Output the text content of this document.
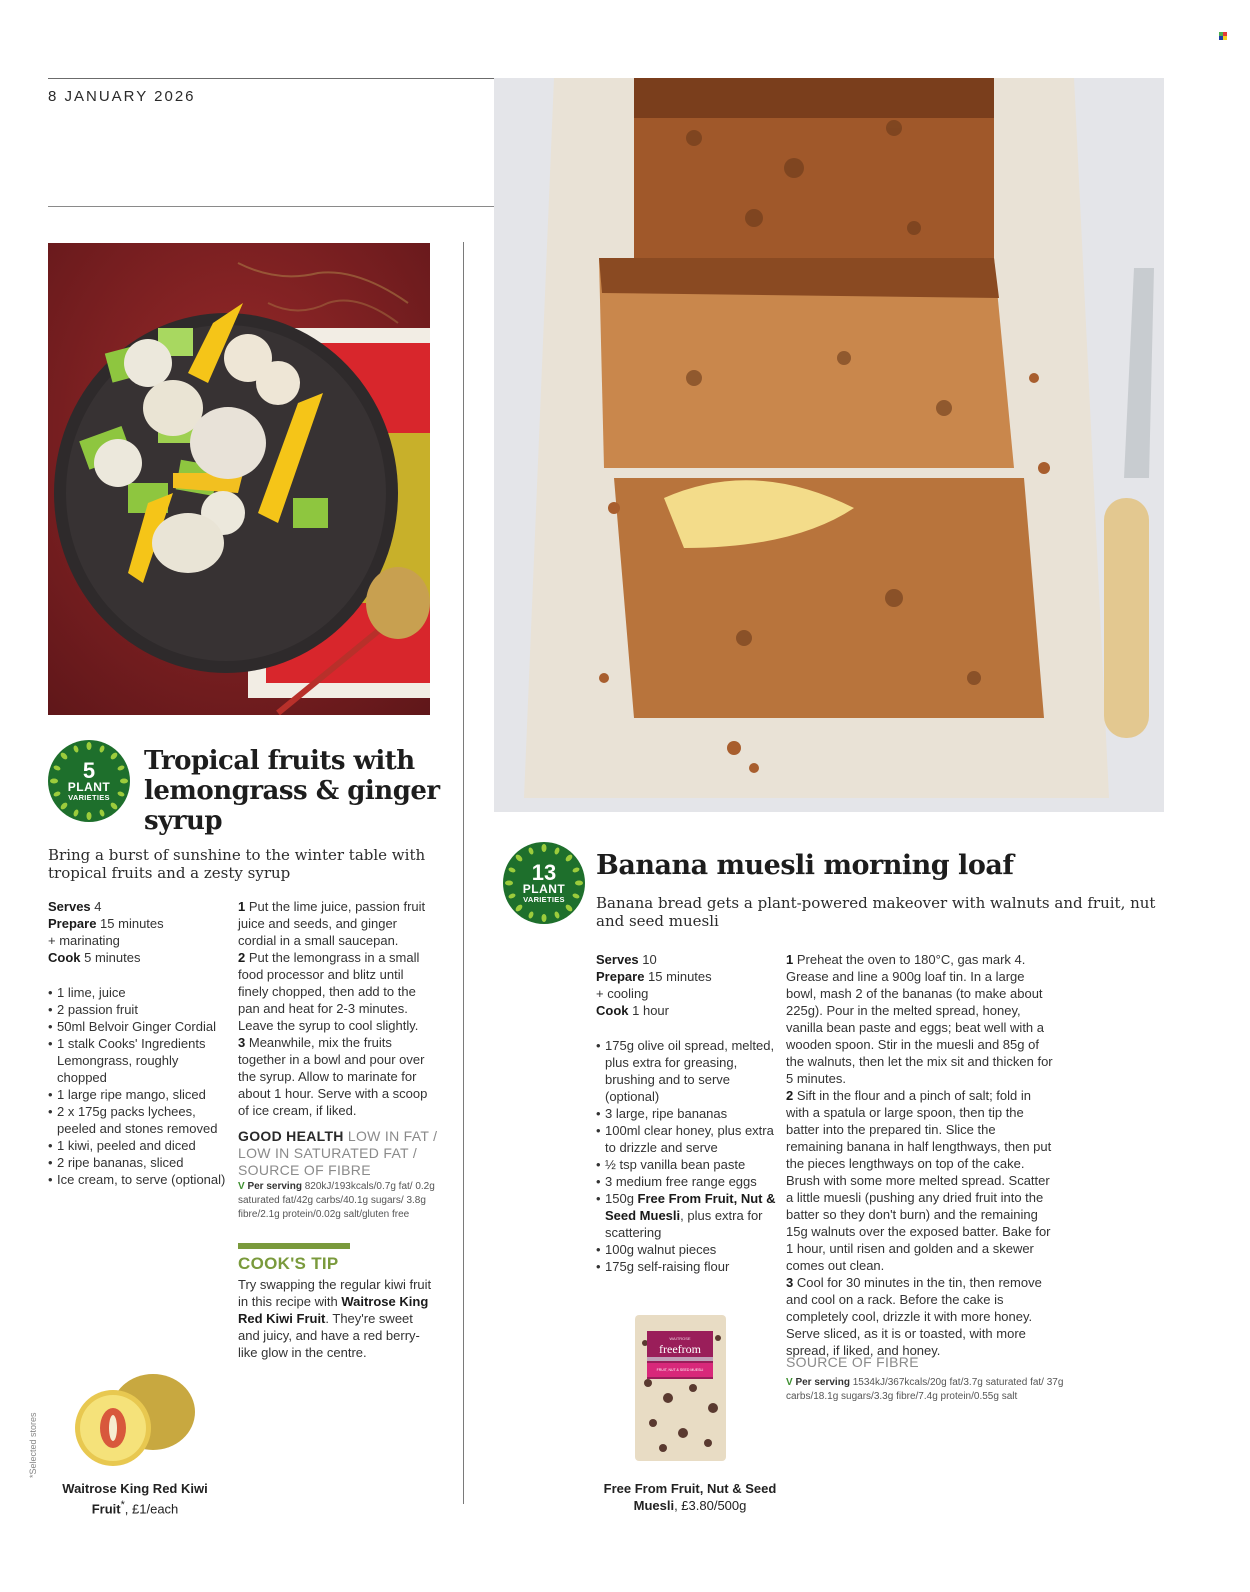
8 JANUARY 2026
5
PLANT
VARIETIES
Tropical fruits with lemongrass & ginger syrup

Bring a burst of sunshine to the winter table with tropical fruits and a zesty syrup

Serves 4
Prepare 15 minutes
+ marinating
Cook 5 minutes
• 1 lime, juice
• 2 passion fruit
• 50ml Belvoir Ginger Cordial
• 1 stalk Cooks' Ingredients Lemongrass, roughly chopped
• 1 large ripe mango, sliced
• 2 x 175g packs lychees, peeled and stones removed
• 1 kiwi, peeled and diced
• 2 ripe bananas, sliced
• Ice cream, to serve (optional)

1 Put the lime juice, passion fruit juice and seeds, and ginger cordial in a small saucepan.

2 Put the lemongrass in a small food processor and blitz until finely chopped, then add to the pan and heat for 2-3 minutes. Leave the syrup to cool slightly.

3 Meanwhile, mix the fruits together in a bowl and pour over the syrup. Allow to marinate for about 1 hour. Serve with a scoop of ice cream, if liked.

GOOD HEALTH LOW IN FAT / LOW IN SATURATED FAT / SOURCE OF FIBRE
V Per serving 820kJ/193kcals/0.7g fat/ 0.2g saturated fat/42g carbs/40.1g sugars/ 3.8g fibre/2.1g protein/0.02g salt/gluten free
COOK'S TIP
Try swapping the regular kiwi fruit in this recipe with Waitrose King Red Kiwi Fruit. They're sweet and juicy, and have a red berry-like glow in the centre.
Waitrose King Red Kiwi Fruit*, £1/each
*Selected stores
13
PLANT
VARIETIES
Banana muesli morning loaf

Banana bread gets a plant-powered makeover with walnuts and fruit, nut and seed muesli

Serves 10
Prepare 15 minutes
+ cooling
Cook 1 hour
• 175g olive oil spread, melted, plus extra for greasing, brushing and to serve (optional)
• 3 large, ripe bananas
• 100ml clear honey, plus extra to drizzle and serve
• ½ tsp vanilla bean paste
• 3 medium free range eggs
• 150g Free From Fruit, Nut & Seed Muesli, plus extra for scattering
• 100g walnut pieces
• 175g self-raising flour

1 Preheat the oven to 180°C, gas mark 4. Grease and line a 900g loaf tin. In a large bowl, mash 2 of the bananas (to make about 225g). Pour in the melted spread, honey, vanilla bean paste and eggs; beat well with a wooden spoon. Stir in the muesli and 85g of the walnuts, then let the mix sit and thicken for 5 minutes.

2 Sift in the flour and a pinch of salt; fold in with a spatula or large spoon, then tip the batter into the prepared tin. Slice the remaining banana in half lengthways, then put the pieces lengthways on top of the cake. Brush with some more melted spread. Scatter a little muesli (pushing any dried fruit into the batter so they don't burn) and the remaining 15g walnuts over the exposed batter. Bake for 1 hour, until risen and golden and a skewer comes out clean.

3 Cool for 30 minutes in the tin, then remove and cool on a rack. Before the cake is completely cool, drizzle it with more honey. Serve sliced, as it is or toasted, with more spread, if liked, and honey.

SOURCE OF FIBRE
V Per serving 1534kJ/367kcals/20g fat/3.7g saturated fat/ 37g carbs/18.1g sugars/3.3g fibre/7.4g protein/0.55g salt
WAITROSE
freefrom
FRUIT, NUT & SEED MUESLI
Free From Fruit, Nut & Seed Muesli, £3.80/500g
